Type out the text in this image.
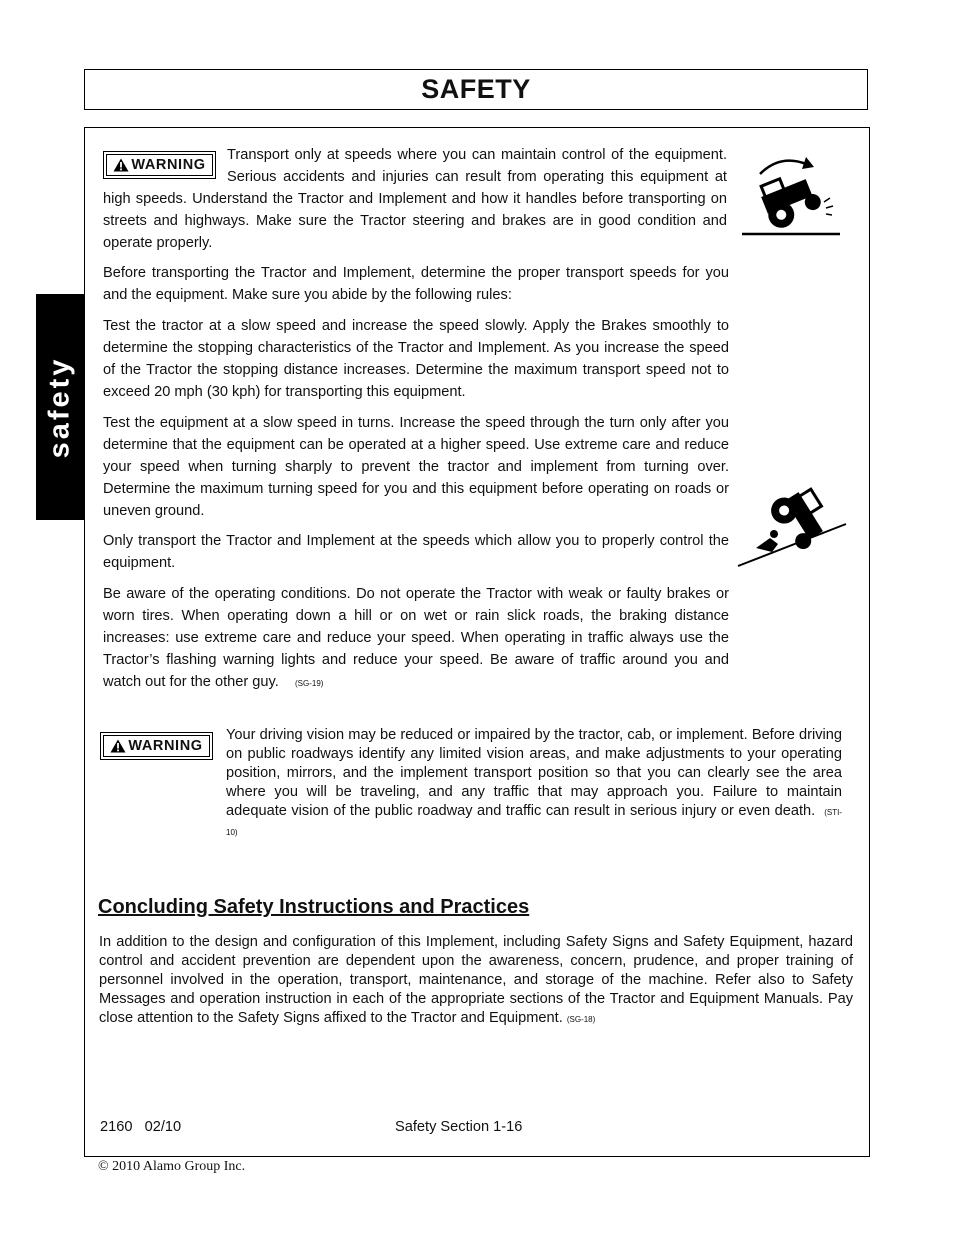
SAFETY
safety
WARNING
Transport only at speeds where you can maintain control of the equipment. Serious accidents and injuries can result from operating this equipment at high speeds. Understand the Tractor and Implement and how it handles before transporting on streets and highways. Make sure the Tractor steering and brakes are in good condition and operate properly.

Before transporting the Tractor and Implement, determine the proper transport speeds for you and the equipment. Make sure you abide by the following rules:

Test the tractor at a slow speed and increase the speed slowly. Apply the Brakes smoothly to determine the stopping characteristics of the Tractor and Implement. As you increase the speed of the Tractor the stopping distance increases. Determine the maximum transport speed not to exceed 20 mph (30 kph) for transporting this equipment.

Test the equipment at a slow speed in turns. Increase the speed through the turn only after you determine that the equipment can be operated at a higher speed. Use extreme care and reduce your speed when turning sharply to prevent the tractor and implement from turning over. Determine the maximum turning speed for you and this equipment before operating on roads or uneven ground.

Only transport the Tractor and Implement at the speeds which allow you to properly control the equipment.

Be aware of the operating conditions. Do not operate the Tractor with weak or faulty brakes or worn tires. When operating down a hill or on wet or rain slick roads, the braking distance increases: use extreme care and reduce your speed. When operating in traffic always use the Tractor’s flashing warning lights and reduce your speed. Be aware of traffic around you and watch out for the other guy. (SG-19)

WARNING

Your driving vision may be reduced or impaired by the tractor, cab, or implement. Before driving on public roadways identify any limited vision areas, and make adjustments to your operating position, mirrors, and the implement transport position so that you can clearly see the area where you will be traveling, and any traffic that may approach you. Failure to maintain adequate vision of the public roadway and traffic can result in serious injury or even death. (STI-10)

Concluding Safety Instructions and Practices

In addition to the design and configuration of this Implement, including Safety Signs and Safety Equipment, hazard control and accident prevention are dependent upon the awareness, concern, prudence, and proper training of personnel involved in the operation, transport, maintenance, and storage of the machine. Refer also to Safety Messages and operation instruction in each of the appropriate sections of the Tractor and Equipment Manuals. Pay close attention to the Safety Signs affixed to the Tractor and Equipment. (SG-18)

2160   02/10	Safety Section 1-16
© 2010 Alamo Group Inc.
